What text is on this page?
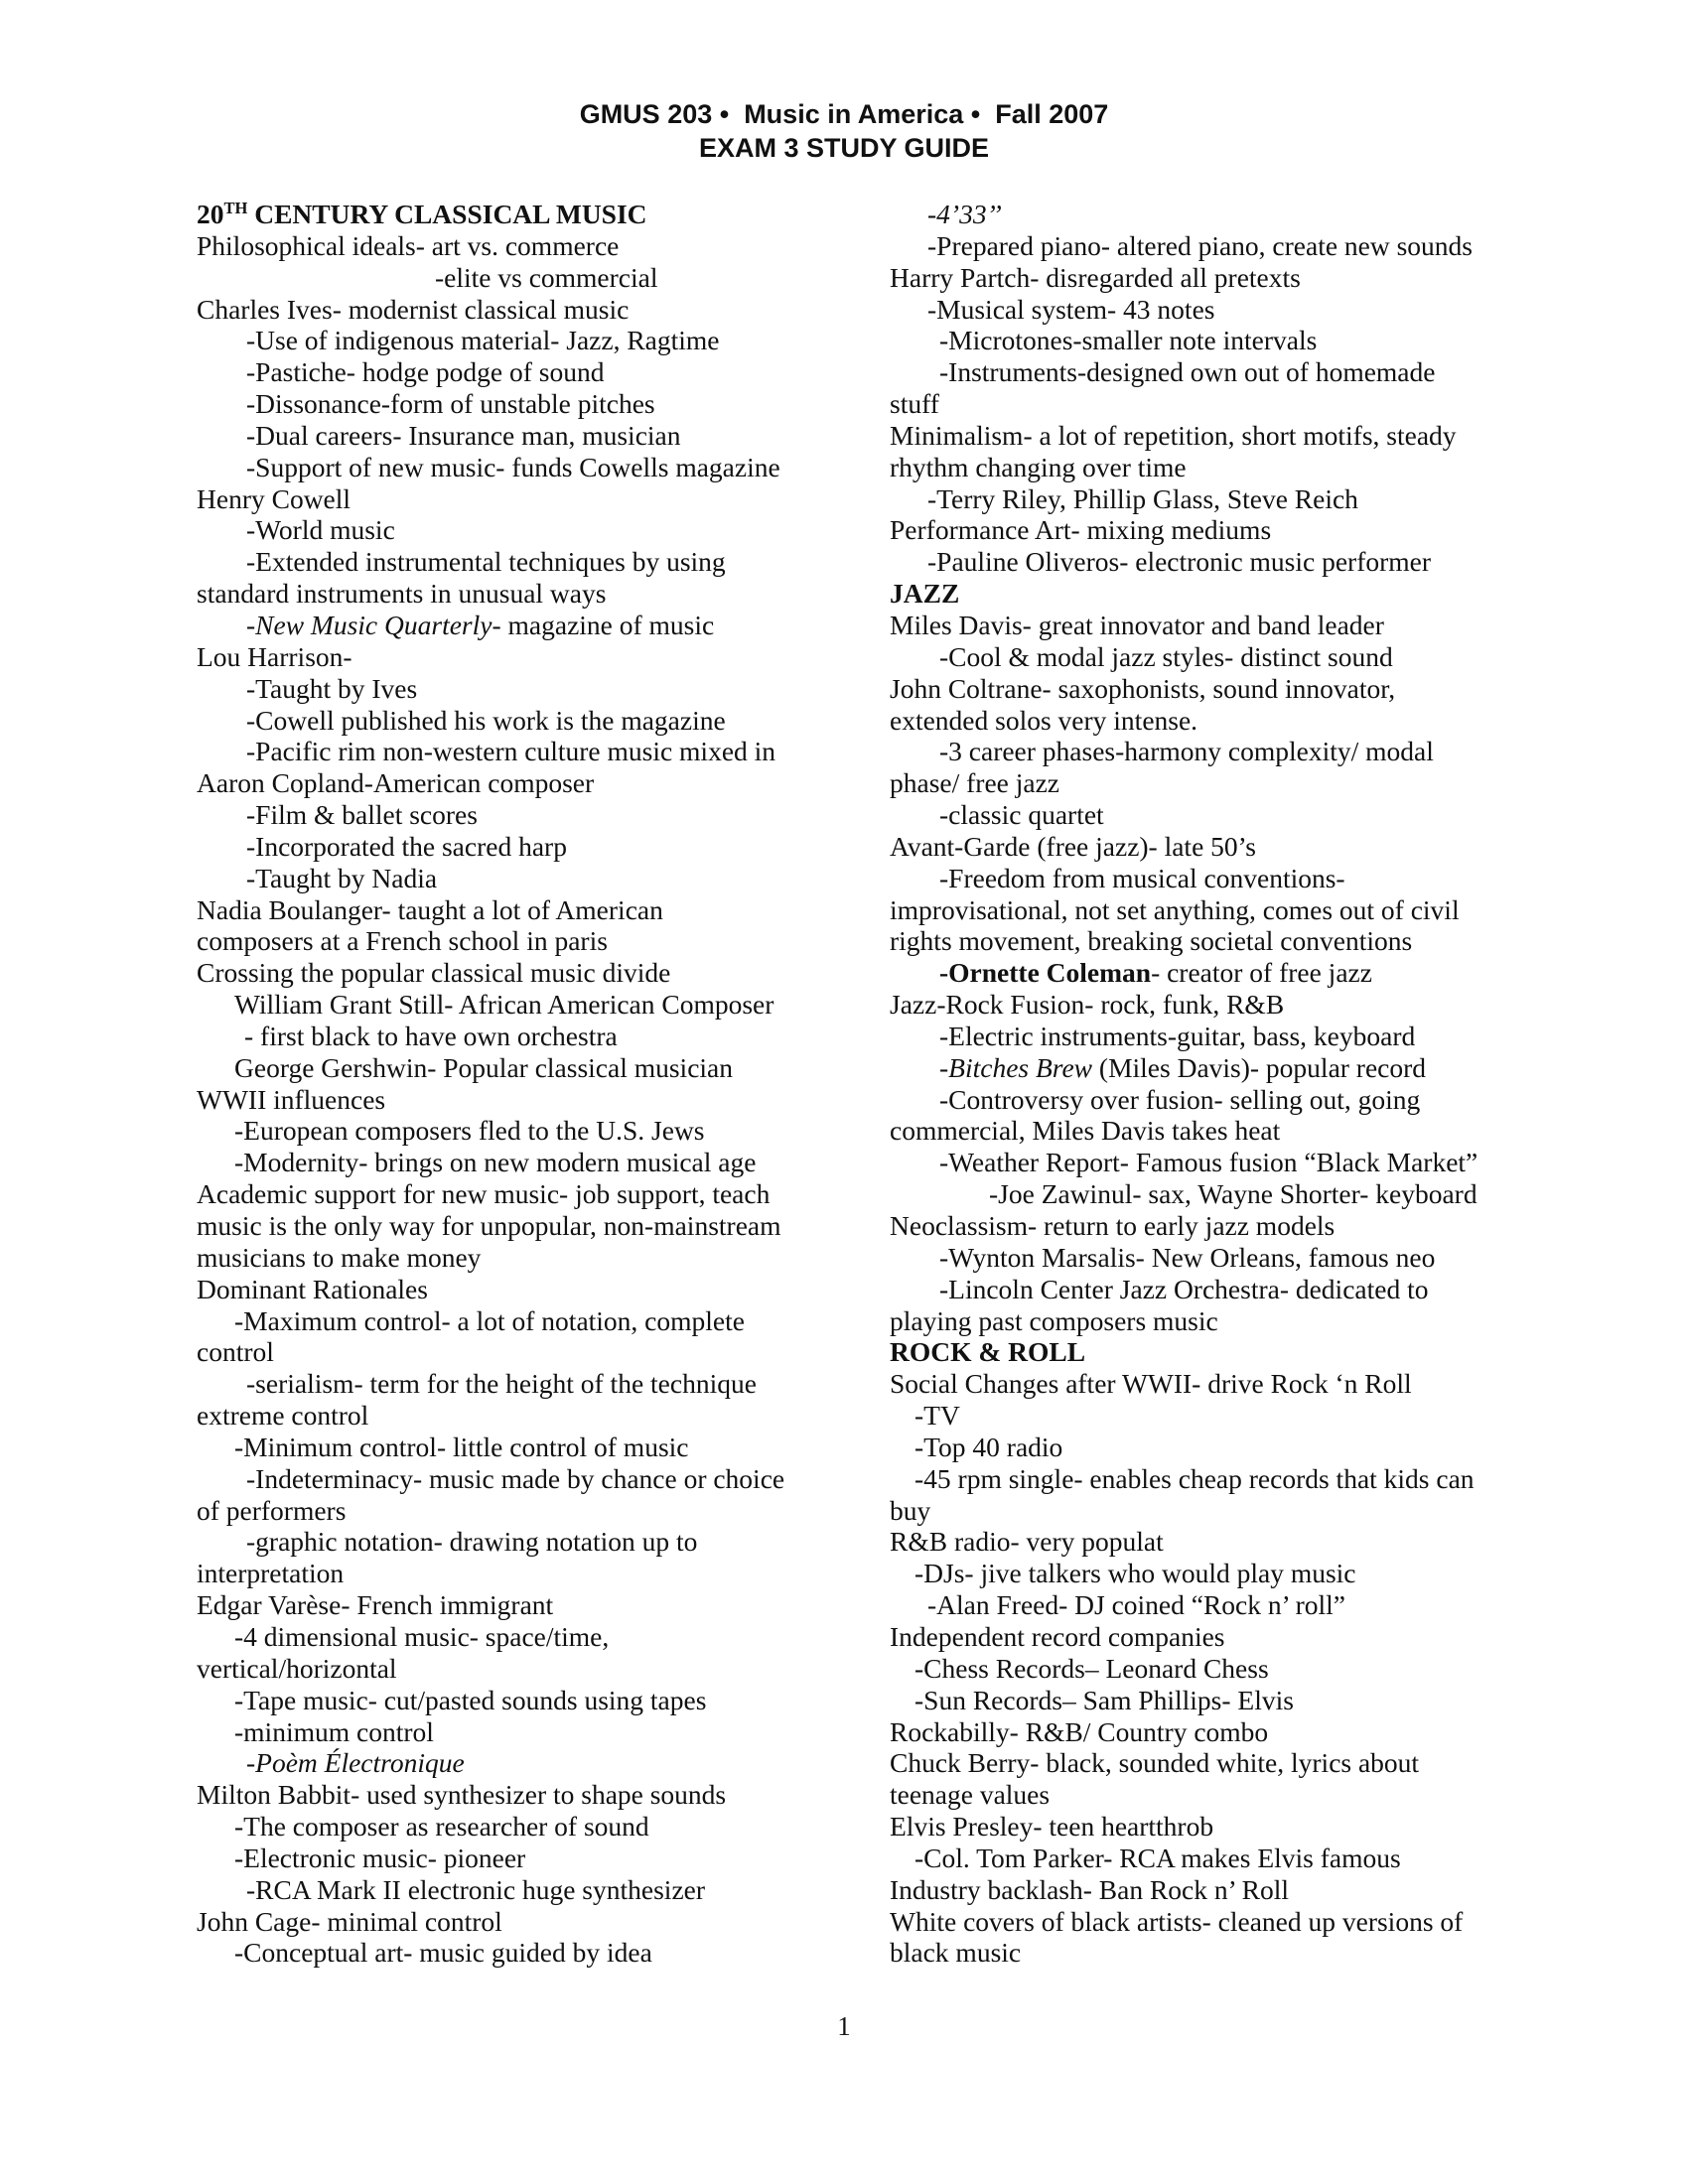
GMUS 203 •  Music in America •  Fall 2007
EXAM 3 STUDY GUIDE
20TH CENTURY CLASSICAL MUSIC
Philosophical ideals- art vs. commerce
-elite vs commercial
Charles Ives- modernist classical music
-Use of indigenous material- Jazz, Ragtime
-Pastiche- hodge podge of sound
-Dissonance-form of unstable pitches
-Dual careers- Insurance man, musician
-Support of new music- funds Cowells magazine
Henry Cowell
-World music
-Extended instrumental techniques by using
standard instruments in unusual ways
-New Music Quarterly- magazine of music
Lou Harrison-
-Taught by Ives
-Cowell published his work is the magazine
-Pacific rim non-western culture music mixed in
Aaron Copland-American composer
-Film & ballet scores
-Incorporated the sacred harp
-Taught by Nadia
Nadia Boulanger- taught a lot of American
composers at a French school in paris
Crossing the popular classical music divide
William Grant Still- African American Composer
- first black to have own orchestra
George Gershwin- Popular classical musician
WWII influences
-European composers fled to the U.S. Jews
-Modernity- brings on new modern musical age
Academic support for new music- job support, teach
music is the only way for unpopular, non-mainstream
musicians to make money
Dominant Rationales
-Maximum control- a lot of notation, complete
control
-serialism- term for the height of the technique
extreme control
-Minimum control- little control of music
-Indeterminacy- music made by chance or choice
of performers
-graphic notation- drawing notation up to
interpretation
Edgar Varèse- French immigrant
-4 dimensional music- space/time,
vertical/horizontal
-Tape music- cut/pasted sounds using tapes
-minimum control
-Poèm Électronique
Milton Babbit- used synthesizer to shape sounds
-The composer as researcher of sound
-Electronic music- pioneer
-RCA Mark II electronic huge synthesizer
John Cage- minimal control
-Conceptual art- music guided by idea
-4’33’’
-Prepared piano- altered piano, create new sounds
Harry Partch- disregarded all pretexts
-Musical system- 43 notes
-Microtones-smaller note intervals
-Instruments-designed own out of homemade
stuff
Minimalism- a lot of repetition, short motifs, steady
rhythm changing over time
-Terry Riley, Phillip Glass, Steve Reich
Performance Art- mixing mediums
-Pauline Oliveros- electronic music performer
JAZZ
Miles Davis- great innovator and band leader
-Cool & modal jazz styles- distinct sound
John Coltrane- saxophonists, sound innovator,
extended solos very intense.
-3 career phases-harmony complexity/ modal
phase/ free jazz
-classic quartet
Avant-Garde (free jazz)- late 50’s
-Freedom from musical conventions-
improvisational, not set anything, comes out of civil
rights movement, breaking societal conventions
-Ornette Coleman- creator of free jazz
Jazz-Rock Fusion- rock, funk, R&B
-Electric instruments-guitar, bass, keyboard
-Bitches Brew (Miles Davis)- popular record
-Controversy over fusion- selling out, going
commercial, Miles Davis takes heat
-Weather Report- Famous fusion “Black Market”
-Joe Zawinul- sax, Wayne Shorter- keyboard
Neoclassism- return to early jazz models
-Wynton Marsalis- New Orleans, famous neo
-Lincoln Center Jazz Orchestra- dedicated to
playing past composers music
ROCK & ROLL
Social Changes after WWII- drive Rock ‘n Roll
-TV
-Top 40 radio
-45 rpm single- enables cheap records that kids can
buy
R&B radio- very populat
-DJs- jive talkers who would play music
-Alan Freed- DJ coined “Rock n’ roll”
Independent record companies
-Chess Records– Leonard Chess
-Sun Records– Sam Phillips- Elvis
Rockabilly- R&B/ Country combo
Chuck Berry- black, sounded white, lyrics about
teenage values
Elvis Presley- teen heartthrob
-Col. Tom Parker- RCA makes Elvis famous
Industry backlash- Ban Rock n’ Roll
White covers of black artists- cleaned up versions of
black music
1
